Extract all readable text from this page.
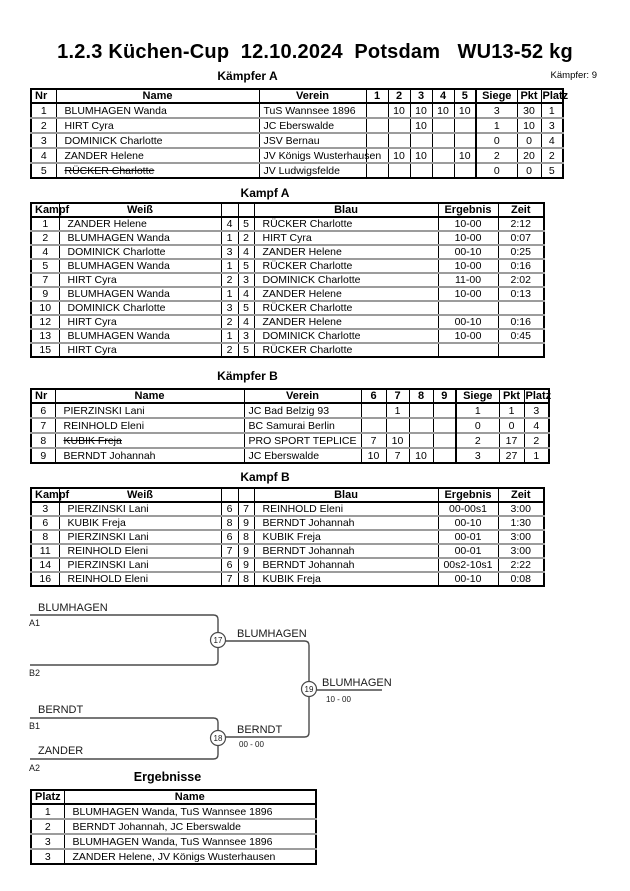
1.2.3 Küchen-Cup  12.10.2024  Potsdam   WU13-52 kg
Kämpfer A	Kämpfer: 9
Nr	Name	Verein	1	2	3	4	5	Siege	Pkt	Platz
1	BLUMHAGEN Wanda	TuS Wannsee 1896		10	10	10	10	3	30	1
2	HIRT Cyra	JC Eberswalde			10			1	10	3
3	DOMINICK Charlotte	JSV Bernau						0	0	4
4	ZANDER Helene	JV Königs Wusterhausen		10	10		10	2	20	2
5	RÜCKER Charlotte	JV Ludwigsfelde						0	0	5
Kampf A
Kampf	Weiß			Blau	Ergebnis	Zeit
1	ZANDER Helene	4	5	RÜCKER Charlotte	10-00	2:12
2	BLUMHAGEN Wanda	1	2	HIRT Cyra	10-00	0:07
4	DOMINICK Charlotte	3	4	ZANDER Helene	00-10	0:25
5	BLUMHAGEN Wanda	1	5	RÜCKER Charlotte	10-00	0:16
7	HIRT Cyra	2	3	DOMINICK Charlotte	11-00	2:02
9	BLUMHAGEN Wanda	1	4	ZANDER Helene	10-00	0:13
10	DOMINICK Charlotte	3	5	RÜCKER Charlotte		
12	HIRT Cyra	2	4	ZANDER Helene	00-10	0:16
13	BLUMHAGEN Wanda	1	3	DOMINICK Charlotte	10-00	0:45
15	HIRT Cyra	2	5	RÜCKER Charlotte		
Kämpfer B
Nr	Name	Verein	6	7	8	9	Siege	Pkt	Platz
6	PIERZINSKI Lani	JC Bad Belzig 93		1			1	1	3
7	REINHOLD Eleni	BC Samurai Berlin					0	0	4
8	KUBIK Freja	PRO SPORT TEPLICE	7	10			2	17	2
9	BERNDT Johannah	JC Eberswalde	10	7	10		3	27	1
Kampf B
Kampf	Weiß			Blau	Ergebnis	Zeit
3	PIERZINSKI Lani	6	7	REINHOLD Eleni	00-00s1	3:00
6	KUBIK Freja	8	9	BERNDT Johannah	00-10	1:30
8	PIERZINSKI Lani	6	8	KUBIK Freja	00-01	3:00
11	REINHOLD Eleni	7	9	BERNDT Johannah	00-01	3:00
14	PIERZINSKI Lani	6	9	BERNDT Johannah	00s2-10s1	2:22
16	REINHOLD Eleni	7	8	KUBIK Freja	00-10	0:08
BLUMHAGEN
A1
B2
BLUMHAGEN
17
BERNDT
B1
ZANDER
A2
BERNDT
00 - 00
18
BLUMHAGEN
10 - 00
19
Ergebnisse
Platz	Name
1	BLUMHAGEN Wanda, TuS Wannsee 1896
2	BERNDT Johannah, JC Eberswalde
3	BLUMHAGEN Wanda, TuS Wannsee 1896
3	ZANDER Helene, JV Königs Wusterhausen
